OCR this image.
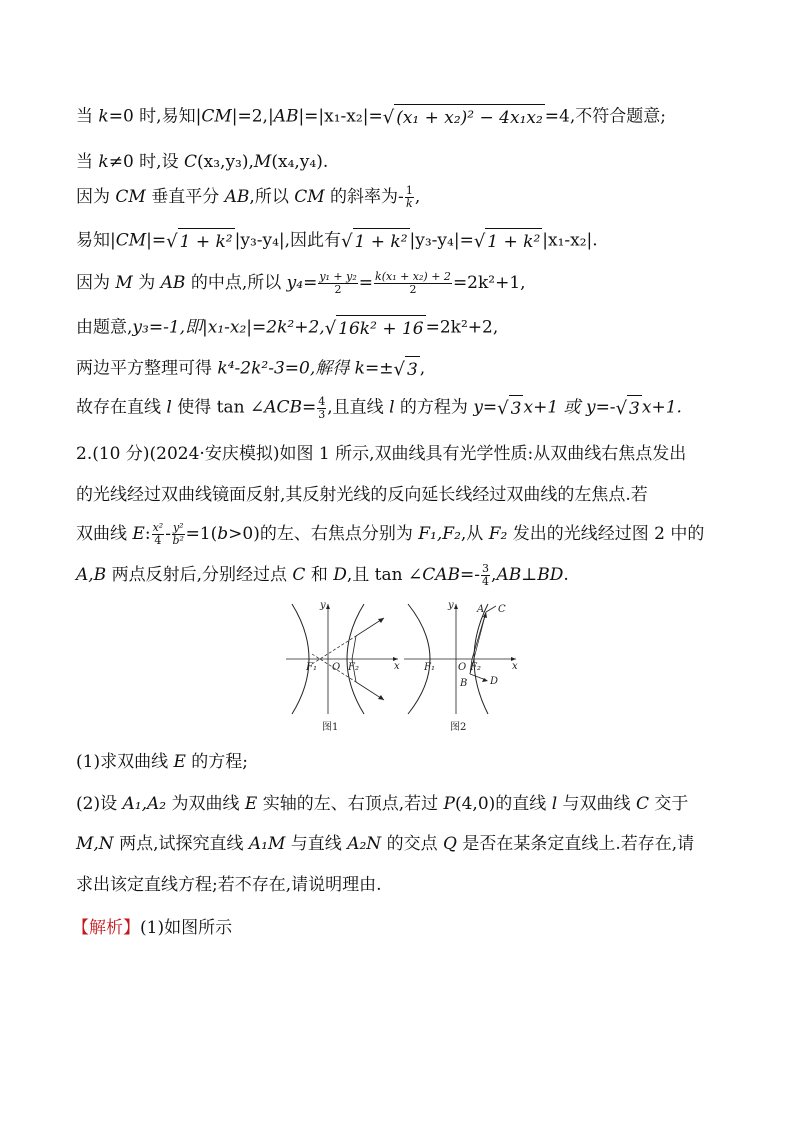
当 k=0 时,易知|CM|=2,|AB|=|x₁-x₂|=√ (x₁ + x₂)² − 4x₁x₂ =4,不符合题意;
当 k≠0 时,设 C(x₃,y₃),M(x₄,y₄).
因为 CM 垂直平分 AB,所以 CM 的斜率为- $\frac{1}{k}$ ,
易知|CM|=√ 1 + k² |y₃-y₄|,因此有√ 1 + k² |y₃-y₄|=√ 1 + k² |x₁-x₂|.
因为 M 为 AB 的中点,所以 $y_4= \frac{\text{y₁ + y₂}}{2} = \frac{\text{k(x₁ + x₂) + 2}}{2} =2k^2+1$,
由题意,y₃=-1,即|x₁-x₂|=2k²+2,√ 16k² + 16 =2k²+2,
两边平方整理可得 k⁴-2k²-3=0,解得 k=±√ 3 ,
故存在直线 l 使得 tan ∠ACB= $\frac{4}{3}$ ,且直线 l 的方程为 y=√ 3 x+1 或 y=-√ 3 x+1.
2.(10 分)(2024·安庆模拟)如图 1 所示,双曲线具有光学性质:从双曲线右焦点发出
的光线经过双曲线镜面反射,其反射光线的反向延长线经过双曲线的左焦点.若
双曲线 E: $\frac{\text{x²}}{4} - \frac{\text{y²}}{\text{b²}} =1(b>0)$的左、右焦点分别为 F₁,F₂,从 F₂ 发出的光线经过图 2 中的
A,B 两点反射后,分别经过点 C 和 D,且 tan ∠CAB=- $\frac{3}{4}$ ,AB⊥BD.
F₁ O F₂	x
y
图1
F₁ O F₂	x
y A C
B D
图2
(1)求双曲线 E 的方程;
(2)设 A₁,A₂ 为双曲线 E 实轴的左、右顶点,若过 P(4,0)的直线 l 与双曲线 C 交于
M,N 两点,试探究直线 A₁M 与直线 A₂N 的交点 Q 是否在某条定直线上.若存在,请
求出该定直线方程;若不存在,请说明理由.
【解析】(1)如图所示
